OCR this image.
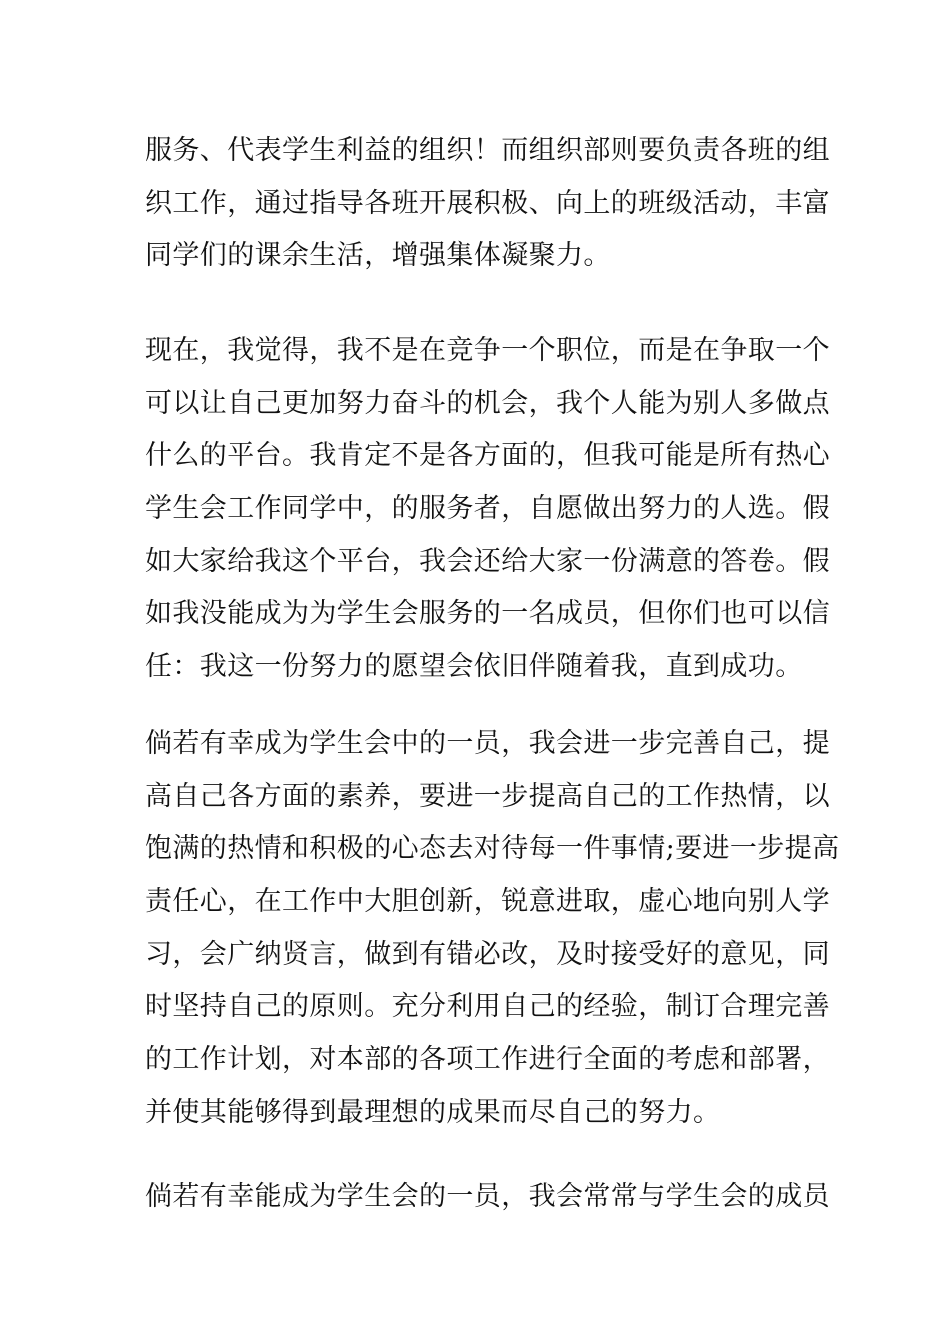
服务、代表学生利益的组织！而组织部则要负责各班的组
织工作，通过指导各班开展积极、向上的班级活动，丰富
同学们的课余生活，增强集体凝聚力。
现在，我觉得，我不是在竞争一个职位，而是在争取一个
可以让自己更加努力奋斗的机会，我个人能为别人多做点
什么的平台。我肯定不是各方面的，但我可能是所有热心
学生会工作同学中，的服务者，自愿做出努力的人选。假
如大家给我这个平台，我会还给大家一份满意的答卷。假
如我没能成为为学生会服务的一名成员，但你们也可以信
任：我这一份努力的愿望会依旧伴随着我，直到成功。
倘若有幸成为学生会中的一员，我会进一步完善自己，提
高自己各方面的素养，要进一步提高自己的工作热情，以
饱满的热情和积极的心态去对待每一件事情;要进一步提高
责任心，在工作中大胆创新，锐意进取，虚心地向别人学
习，会广纳贤言，做到有错必改，及时接受好的意见，同
时坚持自己的原则。充分利用自己的经验，制订合理完善
的工作计划，对本部的各项工作进行全面的考虑和部署，
并使其能够得到最理想的成果而尽自己的努力。
倘若有幸能成为学生会的一员，我会常常与学生会的成员
